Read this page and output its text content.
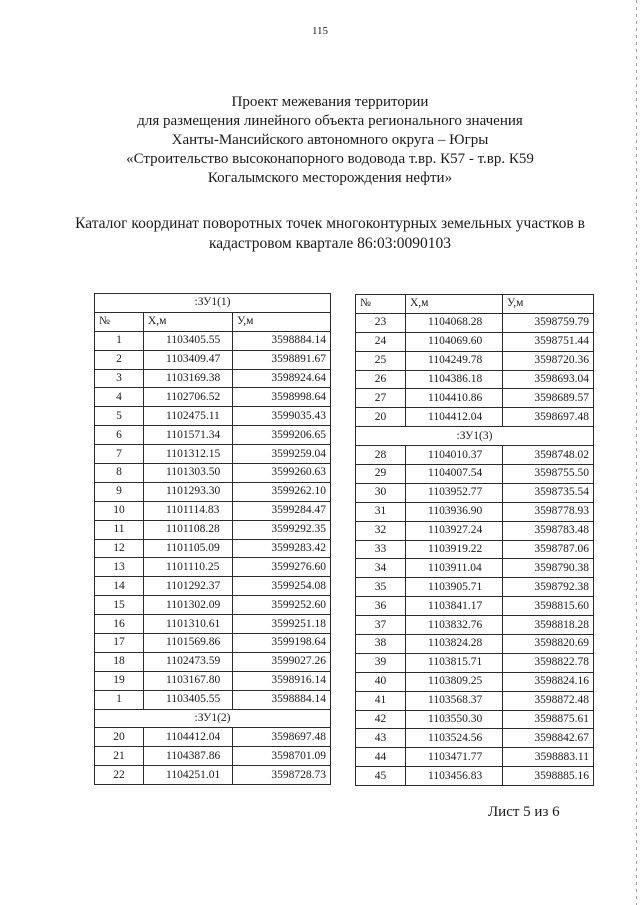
115
Проект межевания территории
для размещения линейного объекта регионального значения
Ханты-Мансийского автономного округа – Югры
«Строительство высоконапорного водовода т.вр. К57 - т.вр. К59
Когалымского месторождения нефти»
Каталог координат поворотных точек многоконтурных земельных участков в
кадастровом квартале 86:03:0090103
:ЗУ1(1)		
№	X,м	У,м
1	1103405.55	3598884.14
2	1103409.47	3598891.67
3	1103169.38	3598924.64
4	1102706.52	3598998.64
5	1102475.11	3599035.43
6	1101571.34	3599206.65
7	1101312.15	3599259.04
8	1101303.50	3599260.63
9	1101293.30	3599262.10
10	1101114.83	3599284.47
11	1101108.28	3599292.35
12	1101105.09	3599283.42
13	1101110.25	3599276.60
14	1101292.37	3599254.08
15	1101302.09	3599252.60
16	1101310.61	3599251.18
17	1101569.86	3599198.64
18	1102473.59	3599027.26
19	1103167.80	3598916.14
1	1103405.55	3598884.14
:ЗУ1(2)		
20	1104412.04	3598697.48
21	1104387.86	3598701.09
22	1104251.01	3598728.73
№	X,м	У,м
23	1104068.28	3598759.79
24	1104069.60	3598751.44
25	1104249.78	3598720.36
26	1104386.18	3598693.04
27	1104410.86	3598689.57
20	1104412.04	3598697.48
:ЗУ1(3)		
28	1104010.37	3598748.02
29	1104007.54	3598755.50
30	1103952.77	3598735.54
31	1103936.90	3598778.93
32	1103927.24	3598783.48
33	1103919.22	3598787.06
34	1103911.04	3598790.38
35	1103905.71	3598792.38
36	1103841.17	3598815.60
37	1103832.76	3598818.28
38	1103824.28	3598820.69
39	1103815.71	3598822.78
40	1103809.25	3598824.16
41	1103568.37	3598872.48
42	1103550.30	3598875.61
43	1103524.56	3598842.67
44	1103471.77	3598883.11
45	1103456.83	3598885.16
Лист 5 из 6
